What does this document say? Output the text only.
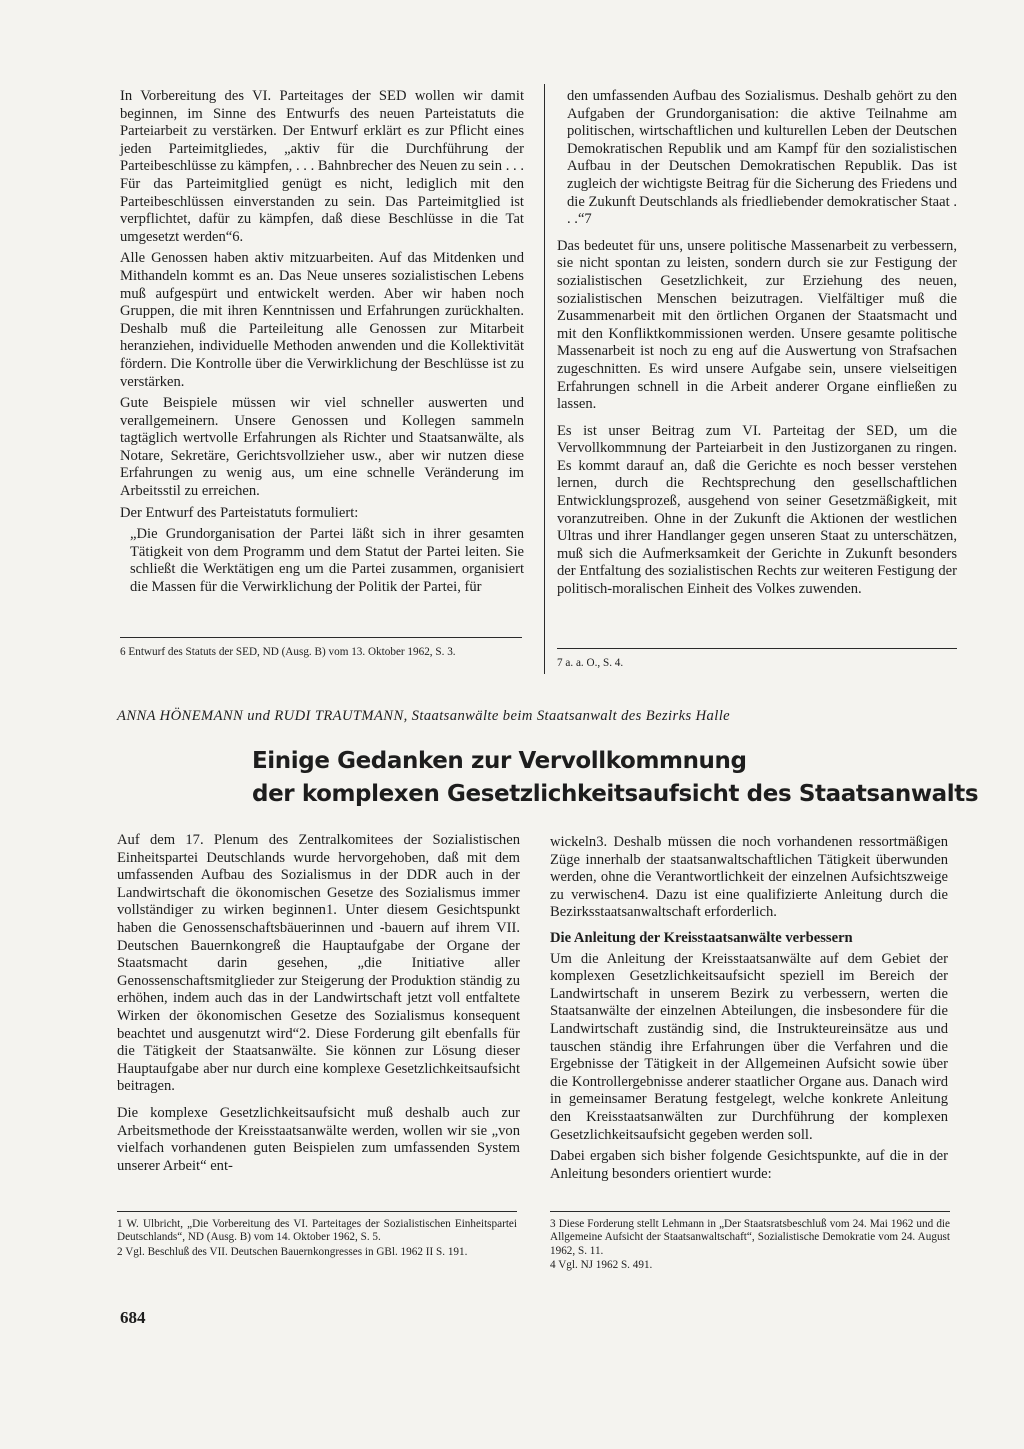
In Vorbereitung des VI. Parteitages der SED wollen wir damit beginnen, im Sinne des Entwurfs des neuen Parteistatuts die Parteiarbeit zu verstärken. Der Entwurf erklärt es zur Pflicht eines jeden Parteimitgliedes, „aktiv für die Durchführung der Parteibeschlüsse zu kämpfen, . . . Bahnbrecher des Neuen zu sein . . . Für das Parteimitglied genügt es nicht, lediglich mit den Parteibeschlüssen einverstanden zu sein. Das Parteimitglied ist verpflichtet, dafür zu kämpfen, daß diese Beschlüsse in die Tat umgesetzt werden“6.

Alle Genossen haben aktiv mitzuarbeiten. Auf das Mitdenken und Mithandeln kommt es an. Das Neue unseres sozialistischen Lebens muß aufgespürt und entwickelt werden. Aber wir haben noch Gruppen, die mit ihren Kenntnissen und Erfahrungen zurückhalten. Deshalb muß die Parteileitung alle Genossen zur Mitarbeit heranziehen, individuelle Methoden anwenden und die Kollektivität fördern. Die Kontrolle über die Verwirklichung der Beschlüsse ist zu verstärken.

Gute Beispiele müssen wir viel schneller auswerten und verallgemeinern. Unsere Genossen und Kollegen sammeln tagtäglich wertvolle Erfahrungen als Richter und Staatsanwälte, als Notare, Sekretäre, Gerichtsvollzieher usw., aber wir nutzen diese Erfahrungen zu wenig aus, um eine schnelle Veränderung im Arbeitsstil zu erreichen.

Der Entwurf des Parteistatuts formuliert:

„Die Grundorganisation der Partei läßt sich in ihrer gesamten Tätigkeit von dem Programm und dem Statut der Partei leiten. Sie schließt die Werktätigen eng um die Partei zusammen, organisiert die Massen für die Verwirklichung der Politik der Partei, für

6 Entwurf des Statuts der SED, ND (Ausg. B) vom 13. Oktober 1962, S. 3.

den umfassenden Aufbau des Sozialismus. Deshalb gehört zu den Aufgaben der Grundorganisation: die aktive Teilnahme am politischen, wirtschaftlichen und kulturellen Leben der Deutschen Demokratischen Republik und am Kampf für den sozialistischen Aufbau in der Deutschen Demokratischen Republik. Das ist zugleich der wichtigste Beitrag für die Sicherung des Friedens und die Zukunft Deutschlands als friedliebender demokratischer Staat . . .“7

Das bedeutet für uns, unsere politische Massenarbeit zu verbessern, sie nicht spontan zu leisten, sondern durch sie zur Festigung der sozialistischen Gesetzlichkeit, zur Erziehung des neuen, sozialistischen Menschen beizutragen. Vielfältiger muß die Zusammenarbeit mit den örtlichen Organen der Staatsmacht und mit den Konfliktkommissionen werden. Unsere gesamte politische Massenarbeit ist noch zu eng auf die Auswertung von Strafsachen zugeschnitten. Es wird unsere Aufgabe sein, unsere vielseitigen Erfahrungen schnell in die Arbeit anderer Organe einfließen zu lassen.

Es ist unser Beitrag zum VI. Parteitag der SED, um die Vervollkommnung der Parteiarbeit in den Justizorganen zu ringen. Es kommt darauf an, daß die Gerichte es noch besser verstehen lernen, durch die Rechtsprechung den gesellschaftlichen Entwicklungsprozeß, ausgehend von seiner Gesetzmäßigkeit, mit voranzutreiben. Ohne in der Zukunft die Aktionen der westlichen Ultras und ihrer Handlanger gegen unseren Staat zu unterschätzen, muß sich die Aufmerksamkeit der Gerichte in Zukunft besonders der Entfaltung des sozialistischen Rechts zur weiteren Festigung der politisch-moralischen Einheit des Volkes zuwenden.

7 a. a. O., S. 4.

ANNA HÖNEMANN und RUDI TRAUTMANN, Staatsanwälte beim Staatsanwalt des Bezirks Halle
Einige Gedanken zur Vervollkommnung
der komplexen Gesetzlichkeitsaufsicht des Staatsanwalts

Auf dem 17. Plenum des Zentralkomitees der Sozialistischen Einheitspartei Deutschlands wurde hervorgehoben, daß mit dem umfassenden Aufbau des Sozialismus in der DDR auch in der Landwirtschaft die ökonomischen Gesetze des Sozialismus immer vollständiger zu wirken beginnen1. Unter diesem Gesichtspunkt haben die Genossenschaftsbäuerinnen und -bauern auf ihrem VII. Deutschen Bauernkongreß die Hauptaufgabe der Organe der Staatsmacht darin gesehen, „die Initiative aller Genossenschaftsmitglieder zur Steigerung der Produktion ständig zu erhöhen, indem auch das in der Landwirtschaft jetzt voll entfaltete Wirken der ökonomischen Gesetze des Sozialismus konsequent beachtet und ausgenutzt wird“2. Diese Forderung gilt ebenfalls für die Tätigkeit der Staatsanwälte. Sie können zur Lösung dieser Hauptaufgabe aber nur durch eine komplexe Gesetzlichkeitsaufsicht beitragen.

Die komplexe Gesetzlichkeitsaufsicht muß deshalb auch zur Arbeitsmethode der Kreisstaatsanwälte werden, wollen wir sie „von vielfach vorhandenen guten Beispielen zum umfassenden System unserer Arbeit“ ent-

1 W. Ulbricht, „Die Vorbereitung des VI. Parteitages der Sozialistischen Einheitspartei Deutschlands“, ND (Ausg. B) vom 14. Oktober 1962, S. 5.

2 Vgl. Beschluß des VII. Deutschen Bauernkongresses in GBl. 1962 II S. 191.

wickeln3. Deshalb müssen die noch vorhandenen ressortmäßigen Züge innerhalb der staatsanwaltschaftlichen Tätigkeit überwunden werden, ohne die Verantwortlichkeit der einzelnen Aufsichtszweige zu verwischen4. Dazu ist eine qualifizierte Anleitung durch die Bezirksstaatsanwaltschaft erforderlich.

Die Anleitung der Kreisstaatsanwälte verbessern

Um die Anleitung der Kreisstaatsanwälte auf dem Gebiet der komplexen Gesetzlichkeitsaufsicht speziell im Bereich der Landwirtschaft in unserem Bezirk zu verbessern, werten die Staatsanwälte der einzelnen Abteilungen, die insbesondere für die Landwirtschaft zuständig sind, die Instrukteureinsätze aus und tauschen ständig ihre Erfahrungen über die Verfahren und die Ergebnisse der Tätigkeit in der Allgemeinen Aufsicht sowie über die Kontrollergebnisse anderer staatlicher Organe aus. Danach wird in gemeinsamer Beratung festgelegt, welche konkrete Anleitung den Kreisstaatsanwälten zur Durchführung der komplexen Gesetzlichkeitsaufsicht gegeben werden soll.

Dabei ergaben sich bisher folgende Gesichtspunkte, auf die in der Anleitung besonders orientiert wurde:

3 Diese Forderung stellt Lehmann in „Der Staatsratsbeschluß vom 24. Mai 1962 und die Allgemeine Aufsicht der Staatsanwaltschaft“, Sozialistische Demokratie vom 24. August 1962, S. 11.

4 Vgl. NJ 1962 S. 491.

684
